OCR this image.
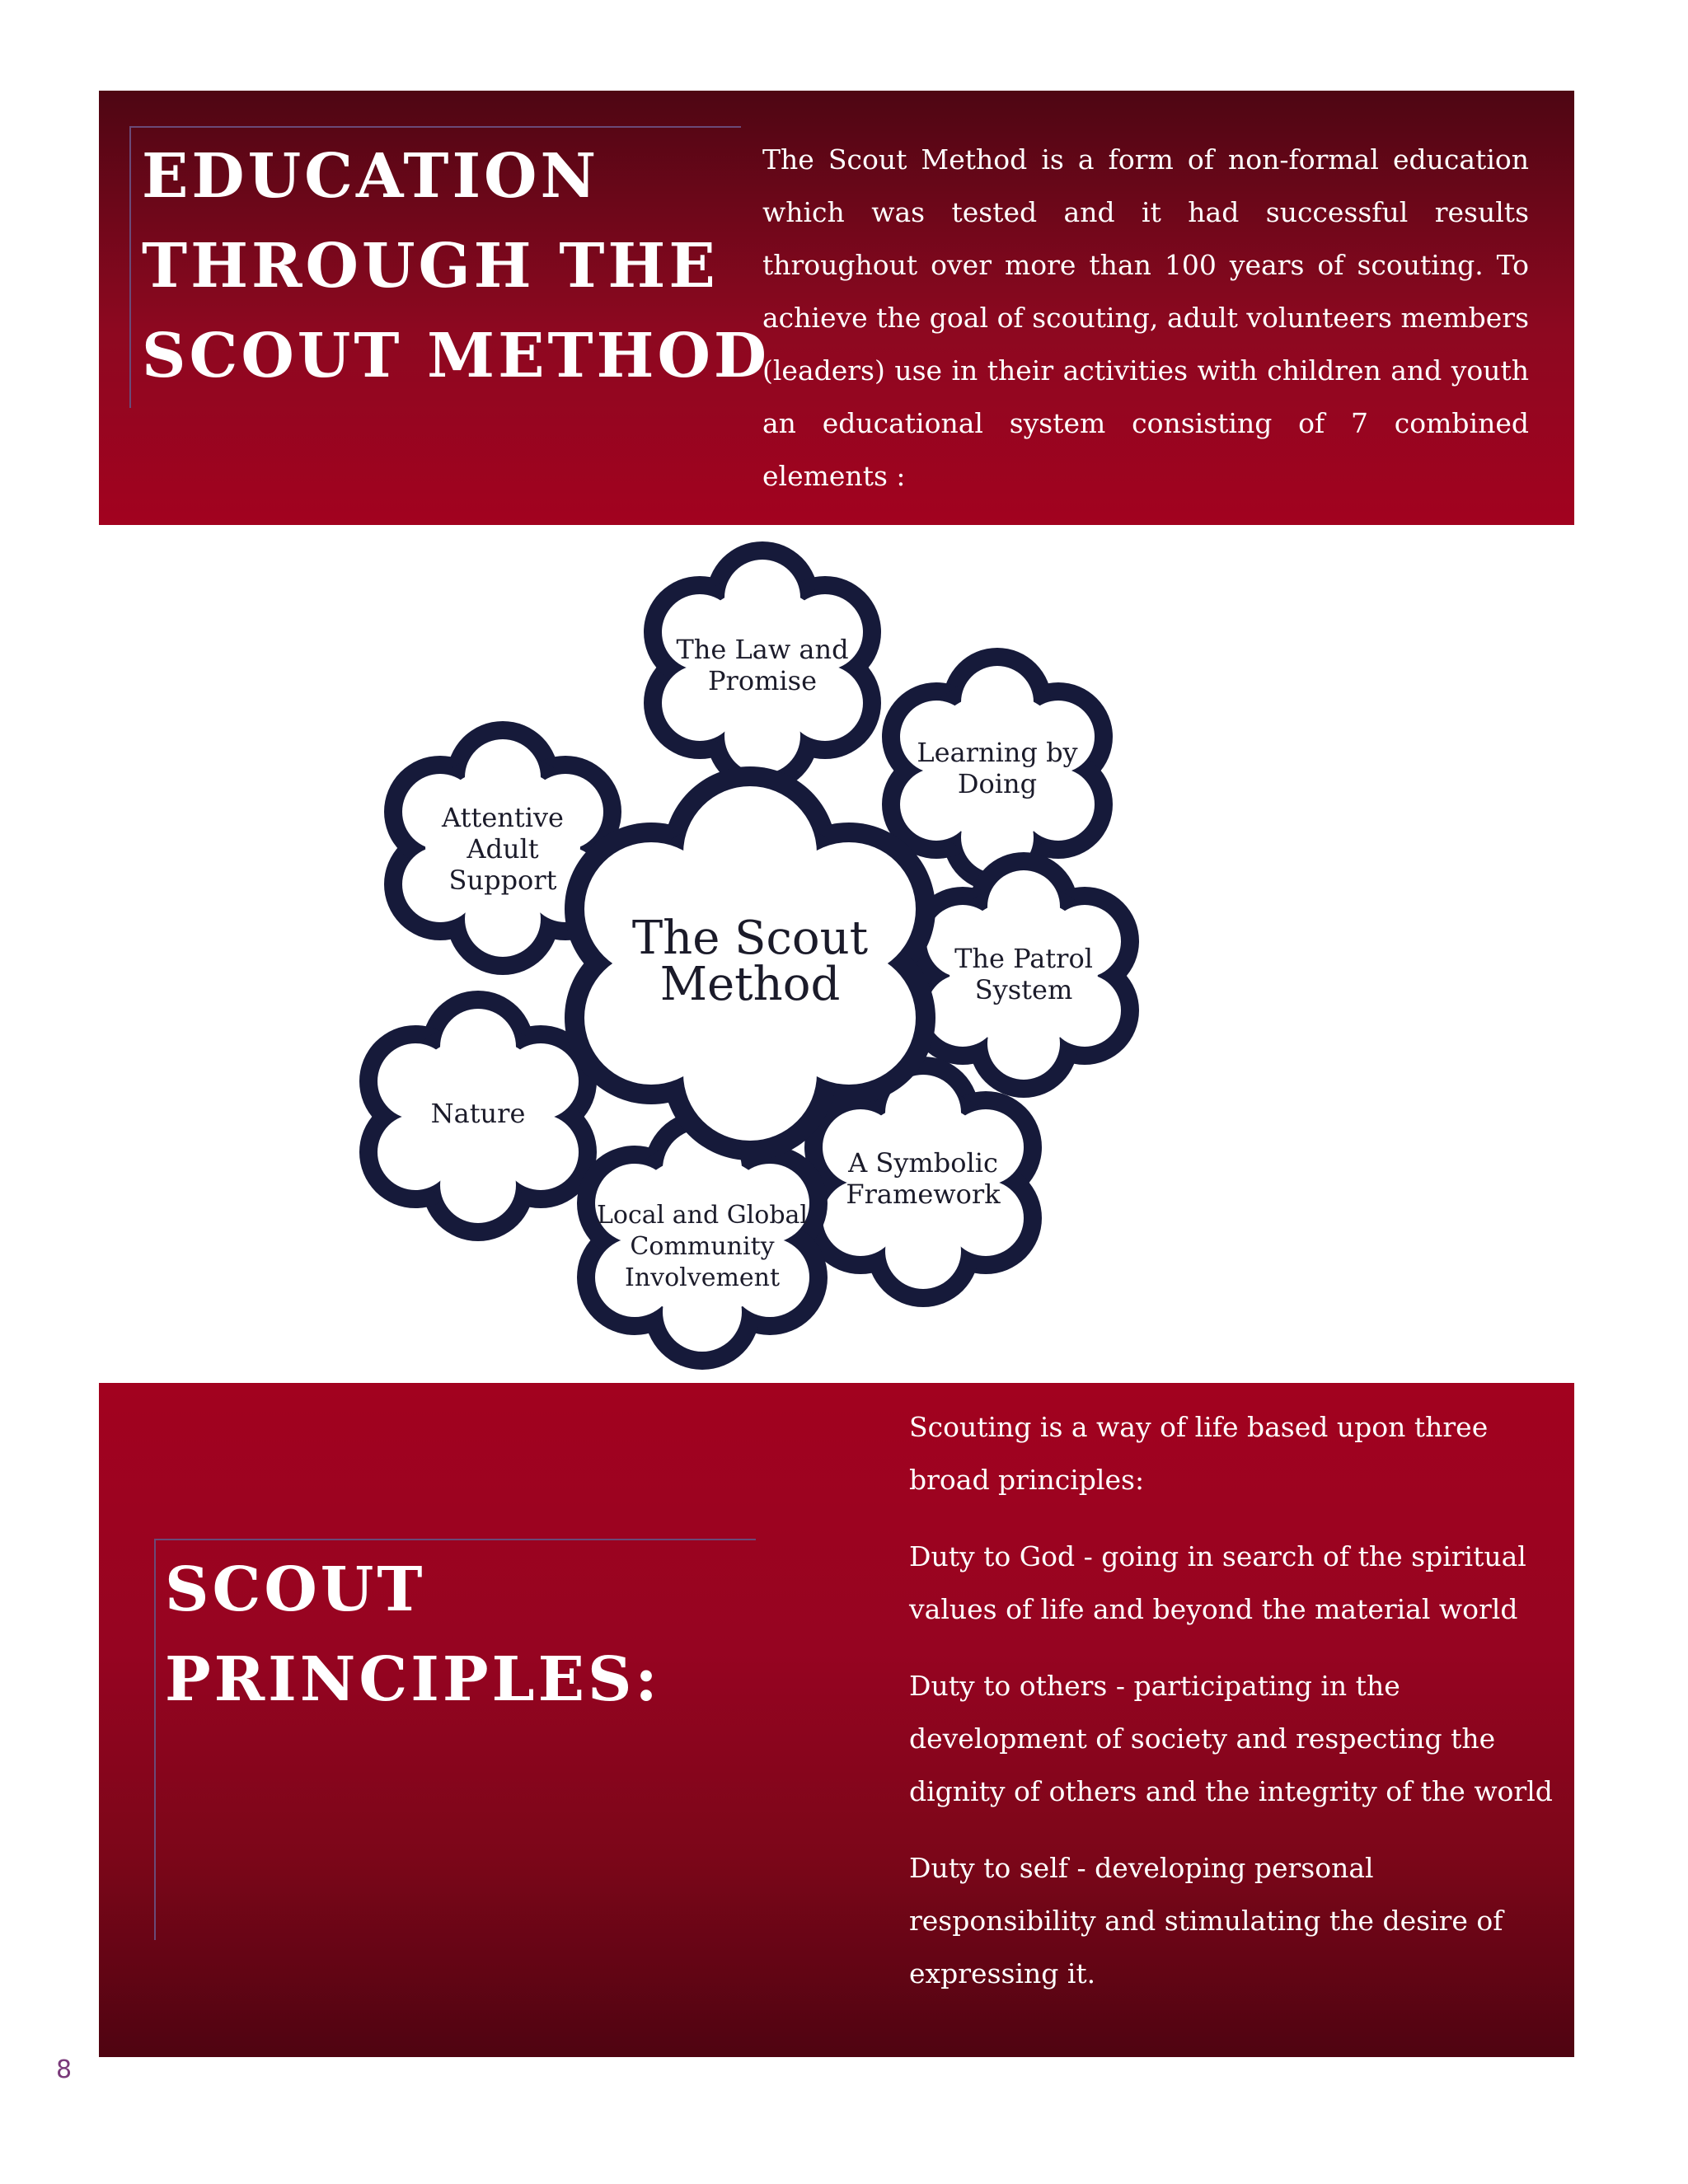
EDUCATION
THROUGH THE
SCOUT METHOD

The Scout Method is a form of non-formal education which was tested and it had successful results throughout over more than 100 years of scouting. To achieve the goal of scouting, adult volunteers members (leaders) use in their activities with children and youth an educational system consisting of 7 combined elements :

The Law and
Promise
Learning by
Doing
Attentive
Adult
Support
The Patrol
System
Nature
A Symbolic
Framework
Local and Global
Community
Involvement
The Scout
Method
SCOUT
PRINCIPLES:

Scouting is a way of life based upon three broad principles:

Duty to God - going in search of the spiritual values of life and beyond the material world

Duty to others - participating in the development of society and respecting the dignity of others and the integrity of the world

Duty to self - developing personal responsibility and stimulating the desire of expressing it.

8
